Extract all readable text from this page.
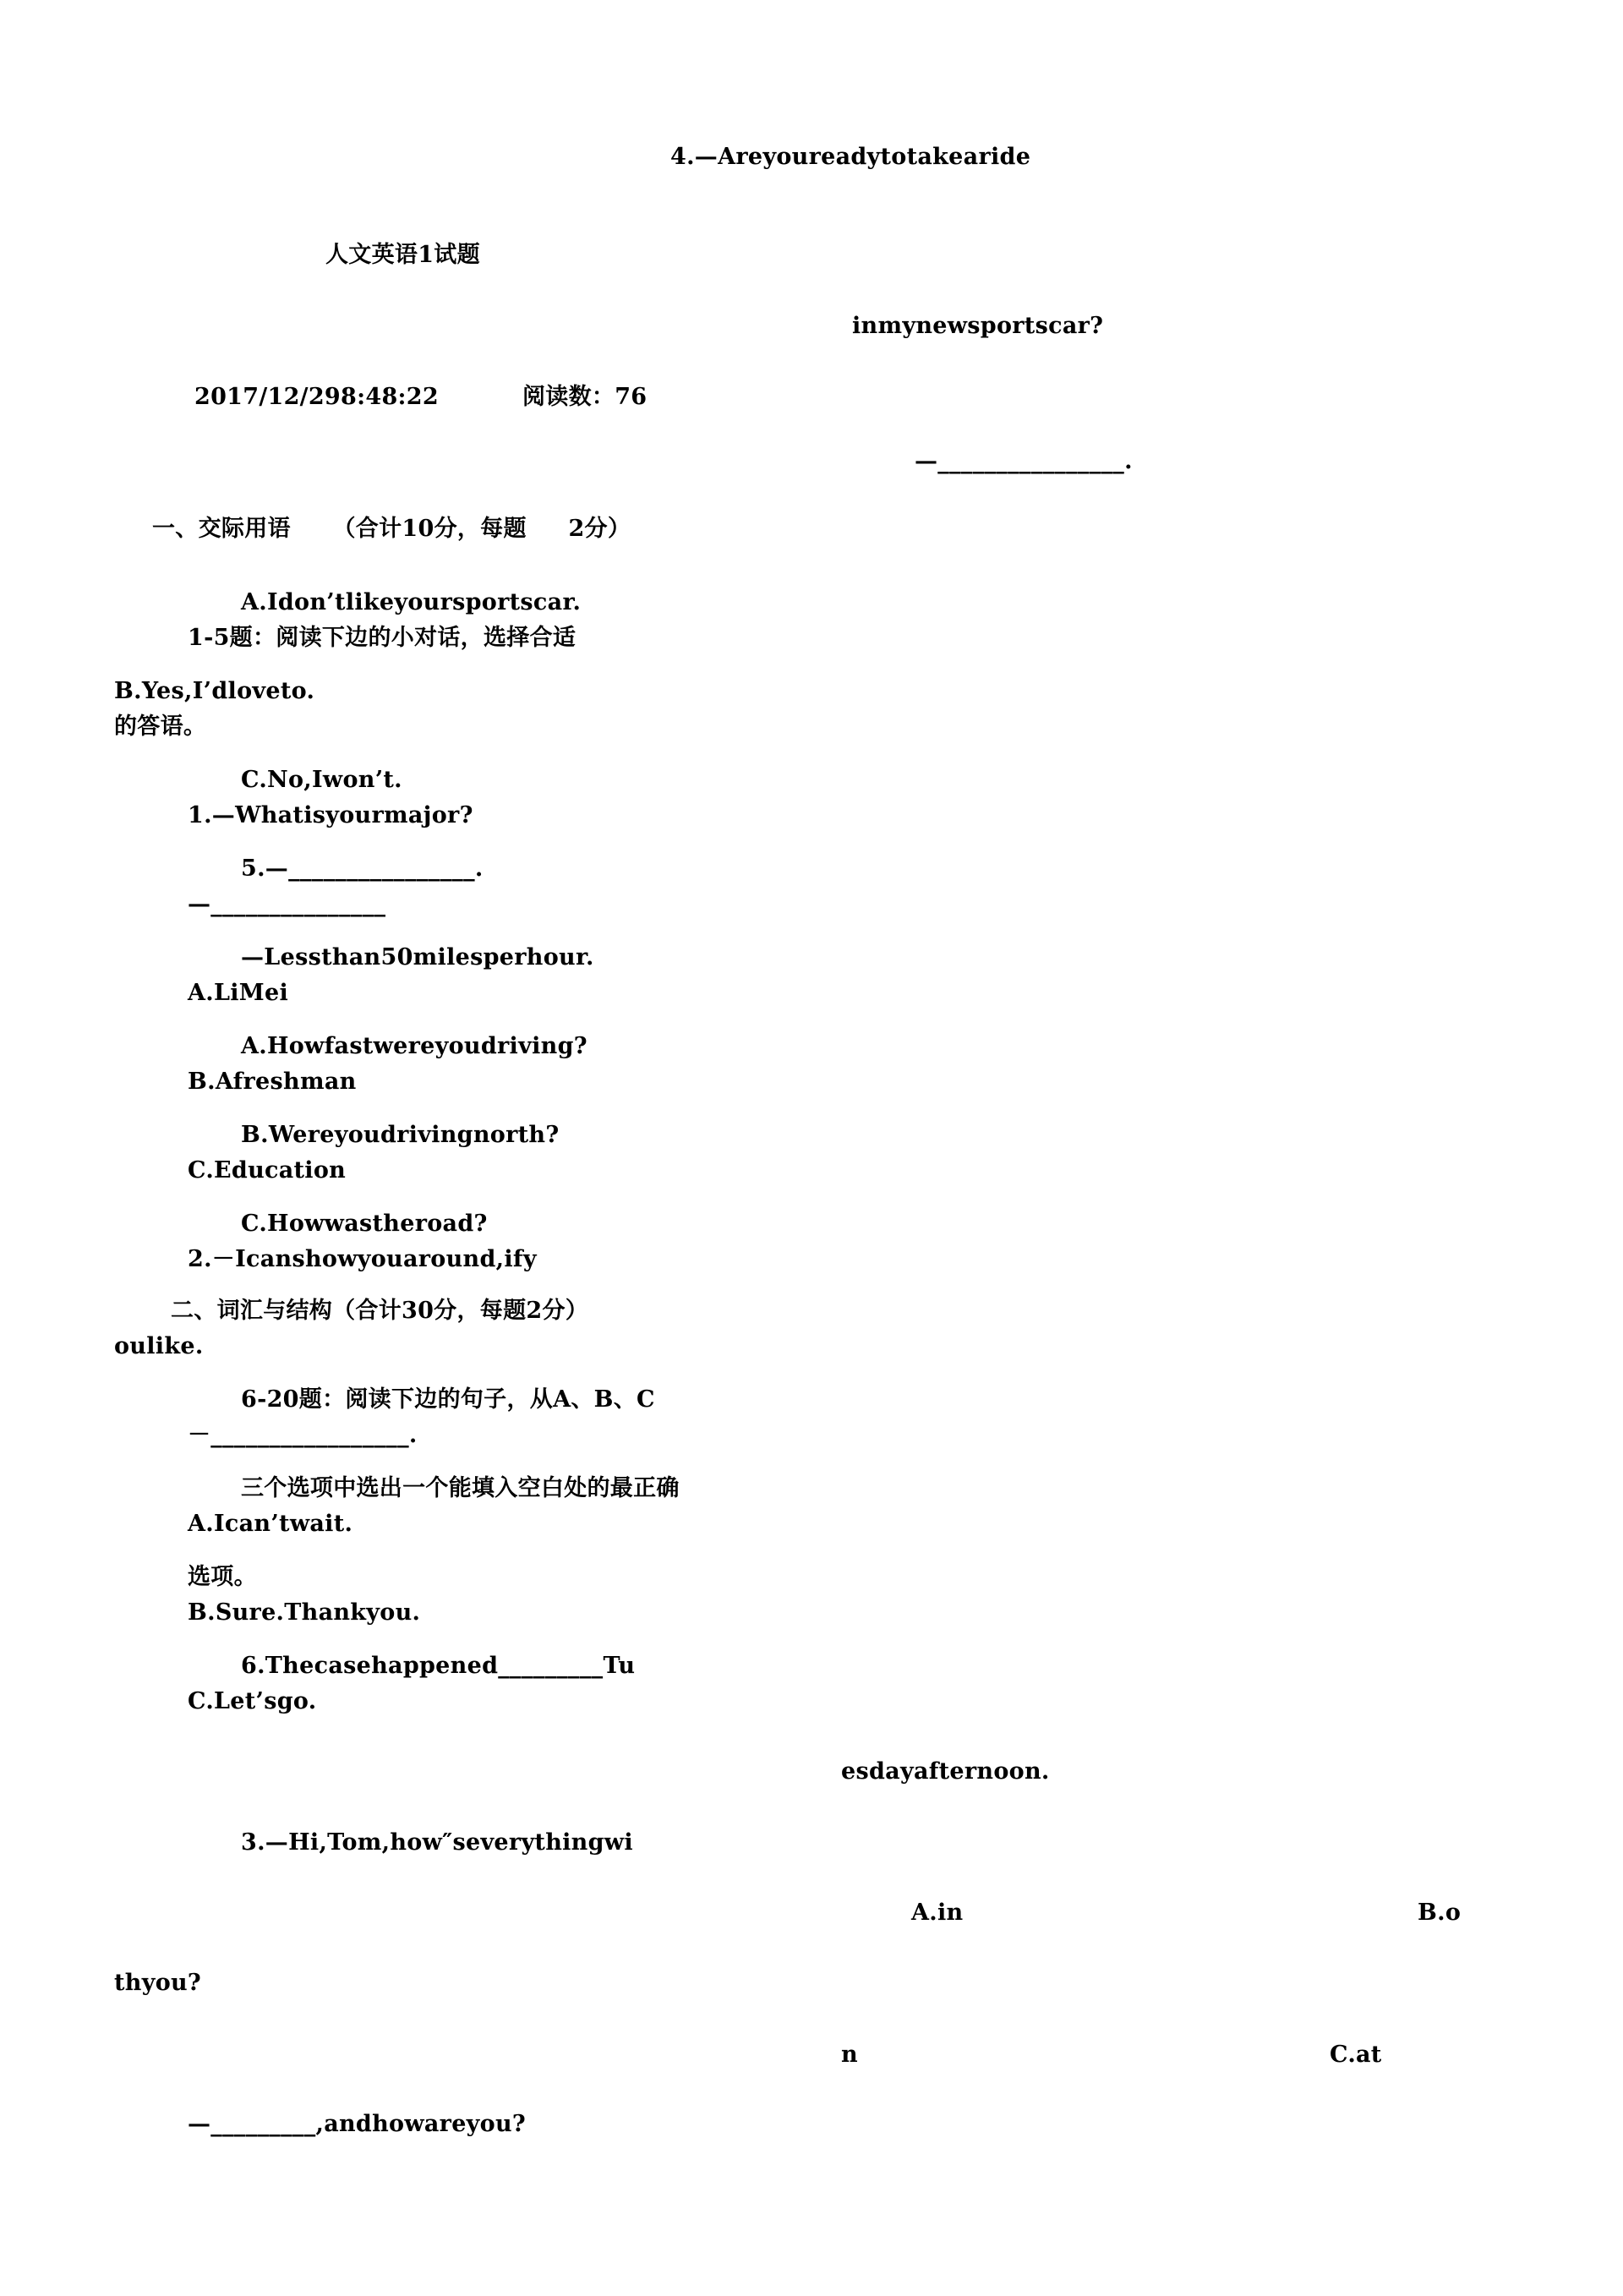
4.—Areyoureadytotakearide
人文英语1试题
inmynewsportscar?
2017/12/298:48:22	阅读数：76
—________________.
一、交际用语 （合计10分，每题 2分）
A.Idon’tlikeyoursportscar.
1-5题：阅读下边的小对话，选择合适
B.Yes,I’dloveto.
的答语。
C.No,Iwon’t.
1.—Whatisyourmajor?
5.—________________.
—_______________
—Lessthan50milesperhour.
A.LiMei
A.Howfastwereyoudriving?
B.Afreshman
B.Wereyoudrivingnorth?
C.Education
C.Howwastheroad?
2.－Icanshowyouaround,ify
二、词汇与结构（合计30分，每题2分）
oulike.
6-20题：阅读下边的句子，从A、B、C
－_________________.
三个选项中选出一个能填入空白处的最正确
A.Ican’twait.
选项。
B.Sure.Thankyou.
6.Thecasehappened_________Tu
C.Let’sgo.
esdayafternoon.
3.—Hi,Tom,how″severythingwi
A.in	B.o
thyou?
n	C.at
—_________,andhowareyou?
